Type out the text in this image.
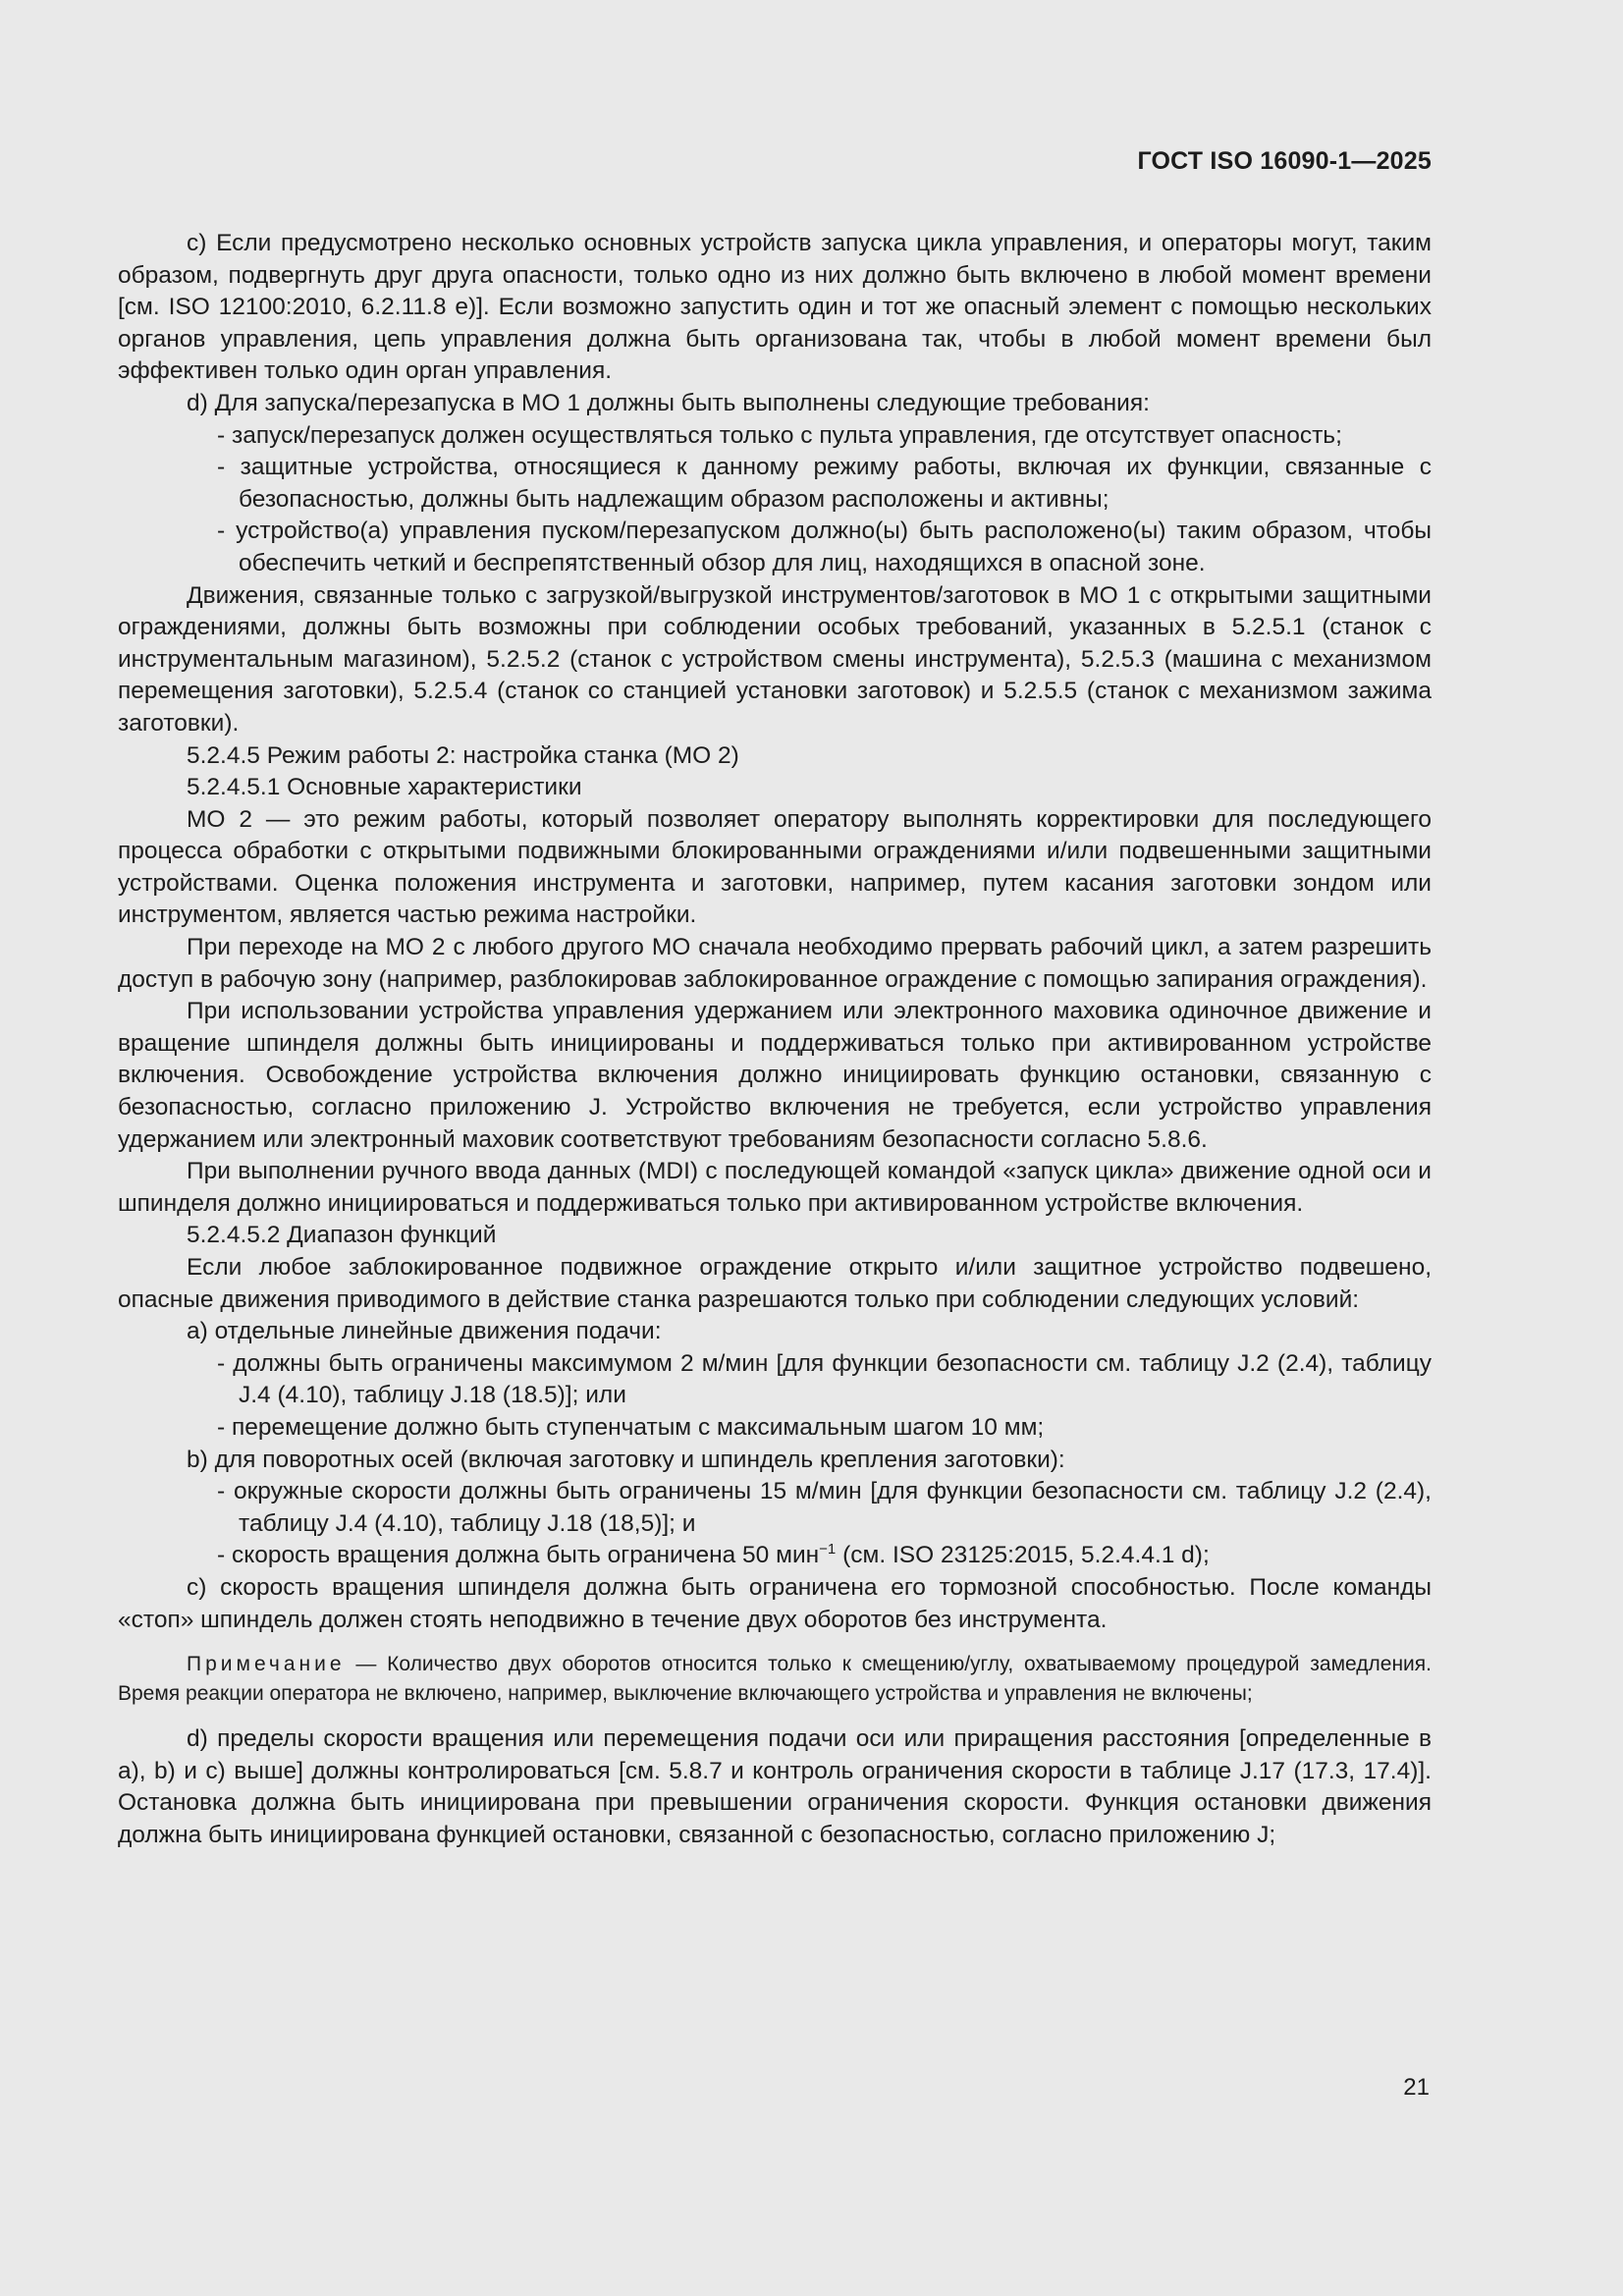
ГОСТ ISO 16090-1—2025

c) Если предусмотрено несколько основных устройств запуска цикла управления, и операторы могут, таким образом, подвергнуть друг друга опасности, только одно из них должно быть включено в любой момент времени [см. ISO 12100:2010, 6.2.11.8 e)]. Если возможно запустить один и тот же опасный элемент с помощью нескольких органов управления, цепь управления должна быть организована так, чтобы в любой момент времени был эффективен только один орган управления.

d) Для запуска/перезапуска в МО 1 должны быть выполнены следующие требования:

- запуск/перезапуск должен осуществляться только с пульта управления, где отсутствует опасность;

- защитные устройства, относящиеся к данному режиму работы, включая их функции, связанные с безопасностью, должны быть надлежащим образом расположены и активны;

- устройство(а) управления пуском/перезапуском должно(ы) быть расположено(ы) таким образом, чтобы обеспечить четкий и беспрепятственный обзор для лиц, находящихся в опасной зоне.

Движения, связанные только с загрузкой/выгрузкой инструментов/заготовок в МО 1 с открытыми защитными ограждениями, должны быть возможны при соблюдении особых требований, указанных в 5.2.5.1 (станок с инструментальным магазином), 5.2.5.2 (станок с устройством смены инструмента), 5.2.5.3 (машина с механизмом перемещения заготовки), 5.2.5.4 (станок со станцией установки заготовок) и 5.2.5.5 (станок с механизмом зажима заготовки).

5.2.4.5 Режим работы 2: настройка станка (МО 2)

5.2.4.5.1 Основные характеристики

МО 2 — это режим работы, который позволяет оператору выполнять корректировки для последующего процесса обработки с открытыми подвижными блокированными ограждениями и/или подвешенными защитными устройствами. Оценка положения инструмента и заготовки, например, путем касания заготовки зондом или инструментом, является частью режима настройки.

При переходе на МО 2 с любого другого МО сначала необходимо прервать рабочий цикл, а затем разрешить доступ в рабочую зону (например, разблокировав заблокированное ограждение с помощью запирания ограждения).

При использовании устройства управления удержанием или электронного маховика одиночное движение и вращение шпинделя должны быть инициированы и поддерживаться только при активированном устройстве включения. Освобождение устройства включения должно инициировать функцию остановки, связанную с безопасностью, согласно приложению J. Устройство включения не требуется, если устройство управления удержанием или электронный маховик соответствуют требованиям безопасности согласно 5.8.6.

При выполнении ручного ввода данных (MDI) с последующей командой «запуск цикла» движение одной оси и шпинделя должно инициироваться и поддерживаться только при активированном устройстве включения.

5.2.4.5.2 Диапазон функций

Если любое заблокированное подвижное ограждение открыто и/или защитное устройство подвешено, опасные движения приводимого в действие станка разрешаются только при соблюдении следующих условий:

a) отдельные линейные движения подачи:

- должны быть ограничены максимумом 2 м/мин [для функции безопасности см. таблицу J.2 (2.4), таблицу J.4 (4.10), таблицу J.18 (18.5)]; или

- перемещение должно быть ступенчатым с максимальным шагом 10 мм;

b) для поворотных осей (включая заготовку и шпиндель крепления заготовки):

- окружные скорости должны быть ограничены 15 м/мин [для функции безопасности см. таблицу J.2 (2.4), таблицу J.4 (4.10), таблицу J.18 (18,5)]; и

- скорость вращения должна быть ограничена 50 мин$^{-1}$ (см. ISO 23125:2015, 5.2.4.4.1 d);

c) скорость вращения шпинделя должна быть ограничена его тормозной способностью. После команды «стоп» шпиндель должен стоять неподвижно в течение двух оборотов без инструмента.

Примечание — Количество двух оборотов относится только к смещению/углу, охватываемому процедурой замедления. Время реакции оператора не включено, например, выключение включающего устройства и управления не включены;

d) пределы скорости вращения или перемещения подачи оси или приращения расстояния [определенные в a), b) и c) выше] должны контролироваться [см. 5.8.7 и контроль ограничения скорости в таблице J.17 (17.3, 17.4)]. Остановка должна быть инициирована при превышении ограничения скорости. Функция остановки движения должна быть инициирована функцией остановки, связанной с безопасностью, согласно приложению J;

21
